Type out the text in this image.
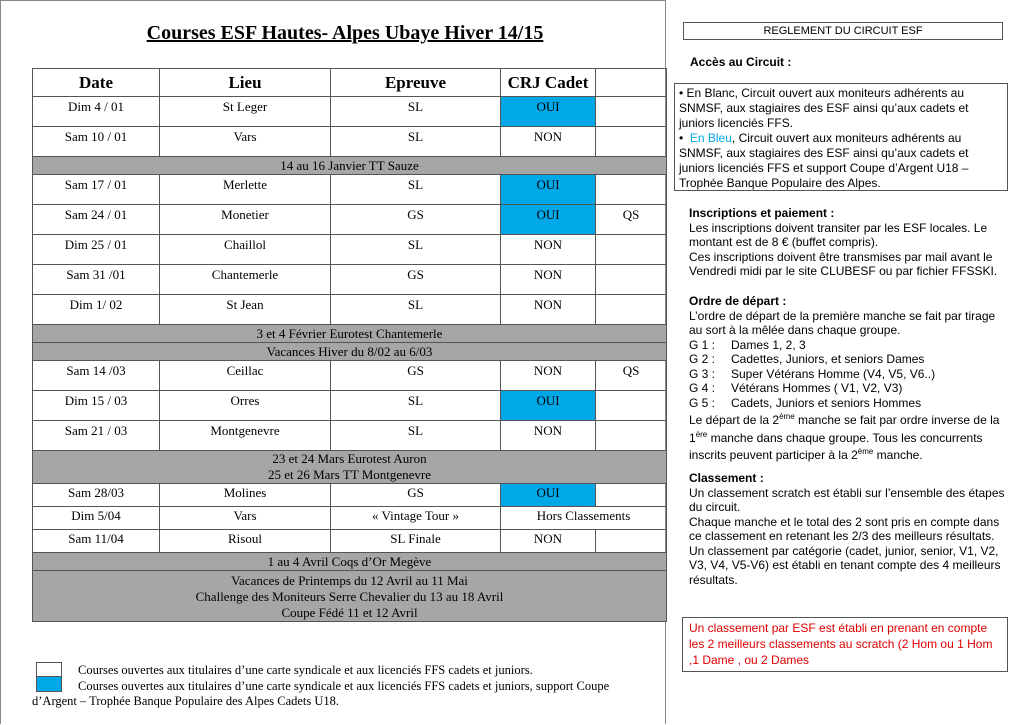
Courses ESF Hautes- Alpes Ubaye Hiver 14/15
Date	Lieu	Epreuve	CRJ Cadet	
Dim 4 / 01	St Leger	SL	OUI	
Sam 10 / 01	Vars	SL	NON	

14 au 16 Janvier TT Sauze				

Sam 17 / 01	Merlette	SL	OUI	
Sam 24 / 01	Monetier	GS	OUI	QS
Dim 25 / 01	Chaillol	SL	NON	
Sam 31 /01	Chantemerle	GS	NON	
Dim 1/ 02	St Jean	SL	NON	

3 et 4 Février Eurotest Chantemerle				

Vacances Hiver du 8/02 au 6/03				

Sam 14 /03	Ceillac	GS	NON	QS
Dim 15 / 03	Orres	SL	OUI	
Sam 21 / 03	Montgenevre	SL	NON	

23 et 24 Mars Eurotest Auron
25 et 26 Mars TT Montgenevre				

Sam 28/03	Molines	GS	OUI	
Dim 5/04	Vars	« Vintage Tour »	Hors Classements	
Sam 11/04	Risoul	SL Finale	NON	

1 au 4 Avril Coqs d’Or Megève				

Vacances de Printemps du 12 Avril au 11 Mai
Challenge des Moniteurs Serre Chevalier du 13 au 18 Avril
Coupe Fédé 11 et 12 Avril				
Courses ouvertes aux titulaires d’une carte syndicale et aux licenciés FFS cadets et juniors.
Courses ouvertes aux titulaires d’une carte syndicale et aux licenciés FFS cadets et juniors, support Coupe
d’Argent – Trophée Banque Populaire des Alpes Cadets U18.
REGLEMENT DU CIRCUIT ESF
Accès au Circuit :
• En Blanc, Circuit ouvert aux moniteurs adhérents au SNMSF, aux stagiaires des ESF ainsi qu’aux cadets et juniors licenciés FFS.
•  En Bleu, Circuit ouvert aux moniteurs adhérents au SNMSF, aux stagiaires des ESF ainsi qu’aux cadets et juniors licenciés FFS et support Coupe d’Argent U18 – Trophée Banque Populaire des Alpes.
Inscriptions et paiement :
Les inscriptions doivent transiter par les ESF locales. Le montant est de 8 € (buffet compris).
Ces inscriptions doivent être transmises par mail avant le Vendredi midi par le site CLUBESF ou par fichier FFSSKI.
Ordre de départ :
L’ordre de départ de la première manche se fait par tirage au sort à la mêlée dans chaque groupe.
G 1 : Dames 1, 2, 3
G 2 : Cadettes, Juniors, et seniors Dames
G 3 : Super Vétérans Homme (V4, V5, V6..)
G 4 : Vétérans Hommes ( V1, V2, V3)
G 5 : Cadets, Juniors et seniors Hommes
Le départ de la 2ème manche se fait par ordre inverse de la 1ère manche dans chaque groupe. Tous les concurrents inscrits peuvent participer à la 2ème manche.
Classement :
Un classement scratch est établi sur l’ensemble des étapes du circuit.
Chaque manche et le total des 2 sont pris en compte dans ce classement en retenant les 2/3 des meilleurs résultats.
Un classement par catégorie (cadet, junior, senior, V1, V2, V3, V4, V5-V6) est établi en tenant compte des 4 meilleurs résultats.
Un classement par ESF est établi en prenant en compte les 2 meilleurs classements au scratch (2 Hom ou 1 Hom ,1 Dame , ou 2 Dames
